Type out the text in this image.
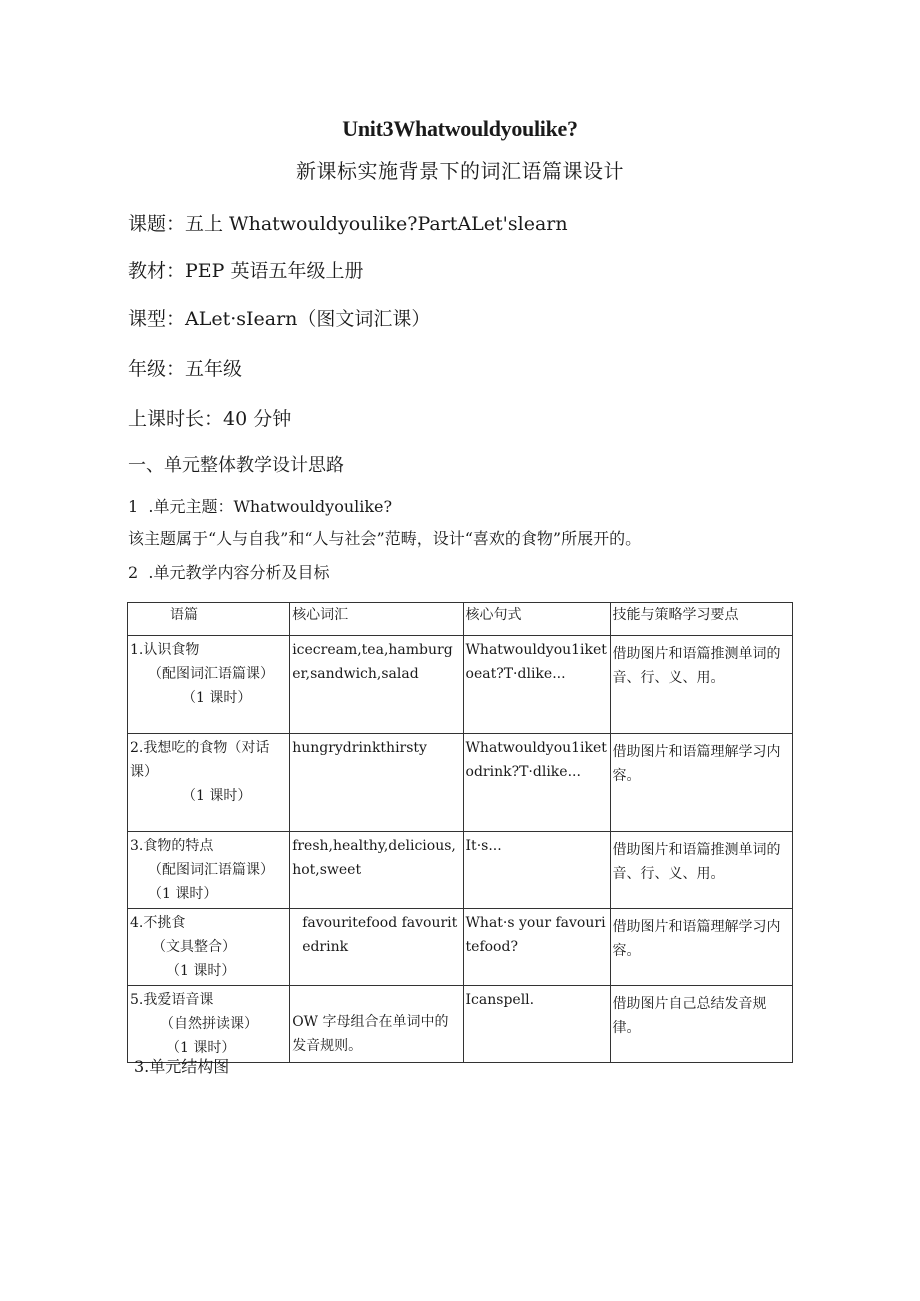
Unit3Whatwouldyoulike?
新课标实施背景下的词汇语篇课设计
课题：五上 Whatwouldyoulike?PartALet'slearn
教材：PEP 英语五年级上册
课型：ALet·sIearn（图文词汇课）
年级：五年级
上课时长：40 分钟
一、单元整体教学设计思路
1  .单元主题：Whatwouldyoulike?
该主题属于“人与自我”和“人与社会”范畴，设计“喜欢的食物”所展开的。
2  .单元教学内容分析及目标
语篇	核心词汇	核心句式	技能与策略学习要点

1.认识食物
（配图词汇语篇课）
（1 课时）	icecream,tea,hamburger,sandwich,salad	Whatwouldyou1iketoeat?T·dlike...	借助图片和语篇推测单词的音、行、义、用。

2.我想吃的食物（对话课）
（1 课时）	hungrydrinkthirsty	Whatwouldyou1iketodrink?T·dlike...	借助图片和语篇理解学习内容。

3.食物的特点
（配图词汇语篇课）
（1 课时）	fresh,healthy,delicious,hot,sweet	It·s...	借助图片和语篇推测单词的音、行、义、用。

4.不挑食
（文具整合）
（1 课时）	favouritefood favouritedrink	What·s your favouritefood?	借助图片和语篇理解学习内容。

5.我爱语音课
（自然拼读课）
（1 课时）	OW 字母组合在单词中的发音规则。	Icanspell.	借助图片自己总结发音规律。
3.单元结构图
